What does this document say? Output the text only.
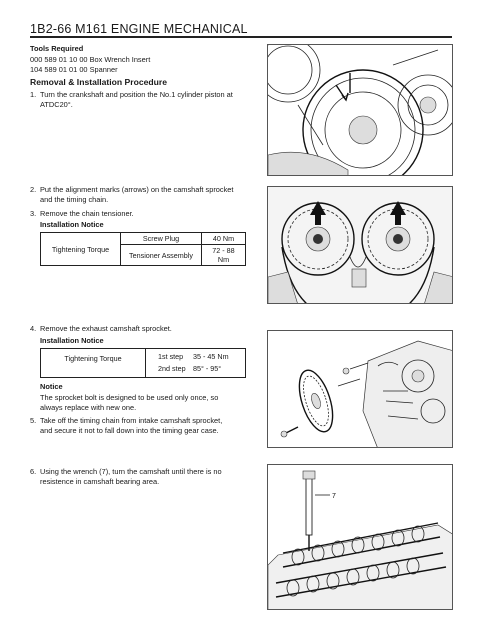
1B2-66 M161 ENGINE MECHANICAL
Tools Required
000 589 01 10 00 Box Wrench Insert
104 589 01 01 00 Spanner
Removal & Installation Procedure
1. Turn the crankshaft and position the No.1 cylinder piston at
ATDC20°.
2. Put the alignment marks (arrows) on the camshaft sprocket
and the timing chain.
3. Remove the chain tensioner.
Installation Notice
Tightening Torque	Screw Plug	40 Nm
	Tensioner Assembly	72 - 88 Nm
4. Remove the exhaust camshaft sprocket.
Installation Notice
Tightening Torque	1st step 35 - 45 Nm
2nd step 85° - 95°
Notice
The sprocket bolt is designed to be used only once, so
always replace with new one.
5. Take off the timing chain from intake camshaft sprocket,
and secure it not to fall down into the timing gear case.
6. Using the wrench (7), turn the camshaft until there is no
resistence in camshaft bearing area.
7
